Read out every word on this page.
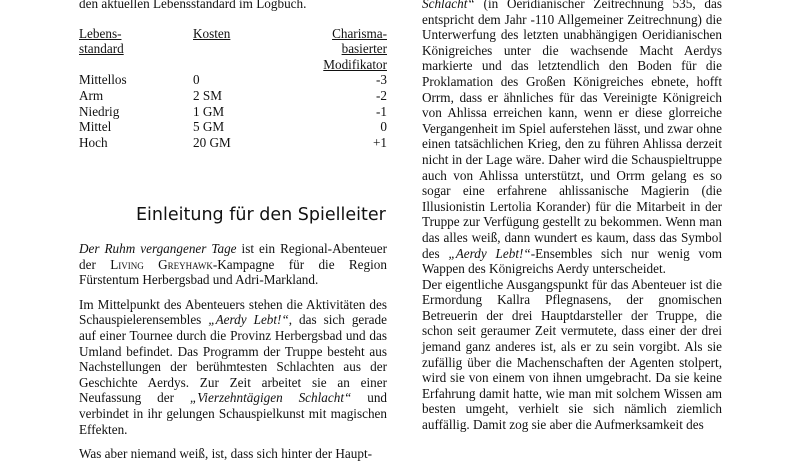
den aktuellen Lebensstandard im Logbuch.

Lebens-
standard	Kosten	Charisma-
basierter
Modifikator
Mittellos	0	-3
Arm	2 SM	-2
Niedrig	1 GM	-1
Mittel	5 GM	0
Hoch	20 GM	+1
Einleitung für den Spielleiter

Der Ruhm vergangener Tage ist ein Regional-Abenteuer der Living Greyhawk-Kampagne für die Region Fürstentum Herbergsbad und Adri-Markland.

Im Mittelpunkt des Abenteuers stehen die Aktivitäten des Schauspielerensembles „Aerdy Lebt!“, das sich gerade auf einer Tournee durch die Provinz Herbergsbad und das Umland befindet. Das Programm der Truppe besteht aus Nachstellungen der berühmtesten Schlachten aus der Geschichte Aerdys. Zur Zeit arbeitet sie an einer Neufassung der „Vierzehntägigen Schlacht“ und verbindet in ihr gelungen Schauspielkunst mit magischen Effekten.

Was aber niemand weiß, ist, dass sich hinter der Haupt-

Schlacht“ (in Oeridianischer Zeitrechnung 535, das entspricht dem Jahr -110 Allgemeiner Zeitrechnung) die Unterwerfung des letzten unabhängigen Oeridianischen Königreiches unter die wachsende Macht Aerdys markierte und das letztendlich den Boden für die Proklamation des Großen Königreiches ebnete, hofft Orrm, dass er ähnliches für das Vereinigte Königreich von Ahlissa erreichen kann, wenn er diese glorreiche Vergangenheit im Spiel auferstehen lässt, und zwar ohne einen tatsächlichen Krieg, den zu führen Ahlissa derzeit nicht in der Lage wäre. Daher wird die Schauspieltruppe auch von Ahlissa unterstützt, und Orrm gelang es so sogar eine erfahrene ahlissanische Magierin (die Illusionistin Lertolia Korander) für die Mitarbeit in der Truppe zur Verfügung gestellt zu bekommen. Wenn man das alles weiß, dann wundert es kaum, dass das Symbol des „Aerdy Lebt!“-Ensembles sich nur wenig vom Wappen des Königreichs Aerdy unterscheidet.

Der eigentliche Ausgangspunkt für das Abenteuer ist die Ermordung Kallra Pflegnasens, der gnomischen Betreuerin der drei Hauptdarsteller der Truppe, die schon seit geraumer Zeit vermutete, dass einer der drei jemand ganz anderes ist, als er zu sein vorgibt. Als sie zufällig über die Machenschaften der Agenten stolpert, wird sie von einem von ihnen umgebracht. Da sie keine Erfahrung damit hatte, wie man mit solchem Wissen am besten umgeht, verhielt sie sich nämlich ziemlich auffällig. Damit zog sie aber die Aufmerksamkeit des
